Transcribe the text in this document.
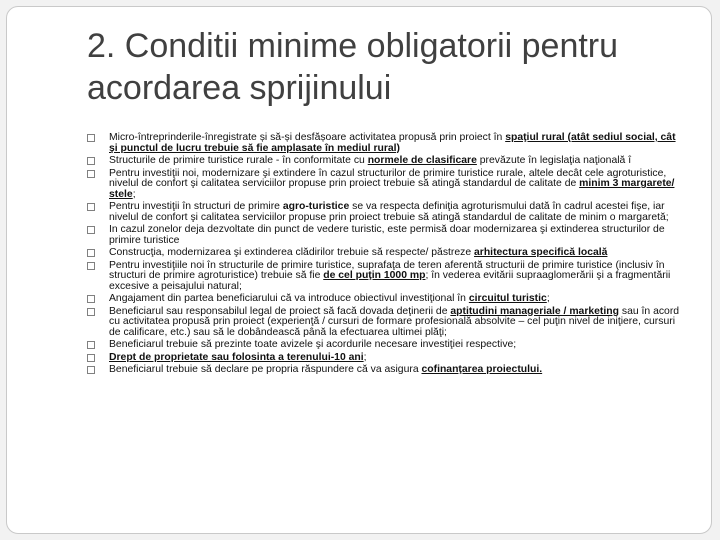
2. Conditii minime obligatorii pentru acordarea sprijinului
Micro-întreprinderile-înregistrate și să-și desfășoare activitatea propusă prin proiect în spaţiul rural (atât sediul social, cât şi punctul de lucru trebuie să fie amplasate în mediul rural)
Structurile de primire turistice rurale - în conformitate cu normele de clasificare prevăzute în legislaţia naţională î
Pentru investiţii noi, modernizare şi extindere în cazul structurilor de primire turistice rurale, altele decât cele agroturistice, nivelul de confort şi calitatea serviciilor propuse prin proiect trebuie să atingă standardul de calitate de minim 3 margarete/ stele;
Pentru investiţii în structuri de primire agro-turistice se va respecta definiţia agroturismului dată în cadrul acestei fişe, iar nivelul de confort şi calitatea serviciilor propuse prin proiect trebuie să atingă standardul de calitate de minim o margaretă;
In cazul zonelor deja dezvoltate din punct de vedere turistic, este permisă doar modernizarea şi extinderea structurilor de primire turistice
Construcţia, modernizarea şi extinderea clădirilor trebuie să respecte/ păstreze arhitectura specifică locală
Pentru investiţiile noi în structurile de primire turistice, suprafaţa de teren aferentă structurii de primire turistice (inclusiv în structuri de primire agroturistice) trebuie să fie de cel puţin 1000 mp; în vederea evitării supraaglomerării şi a fragmentării excesive a peisajului natural;
Angajament din partea beneficiarului că va introduce obiectivul investiţional în circuitul turistic;
Beneficiarul sau responsabilul legal de proiect să facă dovada deţinerii de aptitudini manageriale / marketing sau în acord cu activitatea propusă prin proiect (experienţă / cursuri de formare profesională absolvite – cel puţin nivel de iniţiere, cursuri de calificare, etc.) sau să le dobândească până la efectuarea ultimei plăţi;
Beneficiarul trebuie să prezinte toate avizele şi acordurile necesare investiţiei respective;
Drept de proprietate sau folosinta a terenului-10 ani;
Beneficiarul trebuie să declare pe propria răspundere că va asigura cofinanţarea proiectului.
